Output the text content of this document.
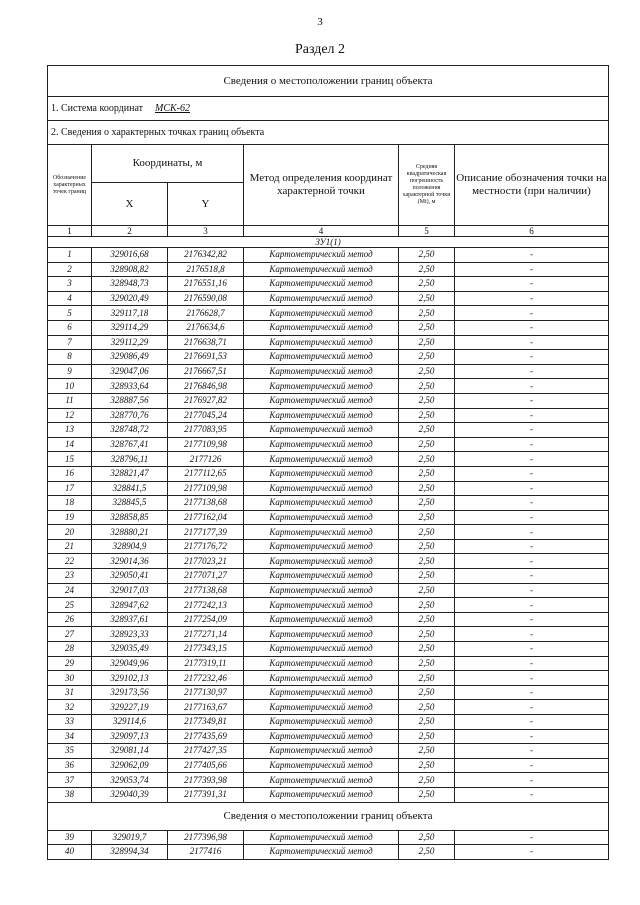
3
Раздел 2
Сведения о местоположении границ объекта					
1. Система координат МСК-62					
2. Сведения о характерных точках границ объекта					
Обозначение характерных точек границ	Координаты, м		Метод определения координат характерной точки	Средняя квадратическая погрешность положения характерной точки (Mt), м	Описание обозначения точки на местности (при наличии)
	X	Y			
1	2	3	4	5	6
ЗУ1(1)					
1	329016,68	2176342,82	Картометрический метод	2,50	-
2	328908,82	2176518,8	Картометрический метод	2,50	-
3	328948,73	2176551,16	Картометрический метод	2,50	-
4	329020,49	2176590,08	Картометрический метод	2,50	-
5	329117,18	2176628,7	Картометрический метод	2,50	-
6	329114,29	2176634,6	Картометрический метод	2,50	-
7	329112,29	2176638,71	Картометрический метод	2,50	-
8	329086,49	2176691,53	Картометрический метод	2,50	-
9	329047,06	2176667,51	Картометрический метод	2,50	-
10	328933,64	2176846,98	Картометрический метод	2,50	-
11	328887,56	2176927,82	Картометрический метод	2,50	-
12	328770,76	2177045,24	Картометрический метод	2,50	-
13	328748,72	2177083,95	Картометрический метод	2,50	-
14	328767,41	2177109,98	Картометрический метод	2,50	-
15	328796,11	2177126	Картометрический метод	2,50	-
16	328821,47	2177112,65	Картометрический метод	2,50	-
17	328841,5	2177109,98	Картометрический метод	2,50	-
18	328845,5	2177138,68	Картометрический метод	2,50	-
19	328858,85	2177162,04	Картометрический метод	2,50	-
20	328880,21	2177177,39	Картометрический метод	2,50	-
21	328904,9	2177176,72	Картометрический метод	2,50	-
22	329014,36	2177023,21	Картометрический метод	2,50	-
23	329050,41	2177071,27	Картометрический метод	2,50	-
24	329017,03	2177138,68	Картометрический метод	2,50	-
25	328947,62	2177242,13	Картометрический метод	2,50	-
26	328937,61	2177254,09	Картометрический метод	2,50	-
27	328923,33	2177271,14	Картометрический метод	2,50	-
28	329035,49	2177343,15	Картометрический метод	2,50	-
29	329049,96	2177319,11	Картометрический метод	2,50	-
30	329102,13	2177232,46	Картометрический метод	2,50	-
31	329173,56	2177130,97	Картометрический метод	2,50	-
32	329227,19	2177163,67	Картометрический метод	2,50	-
33	329114,6	2177349,81	Картометрический метод	2,50	-
34	329097,13	2177435,69	Картометрический метод	2,50	-
35	329081,14	2177427,35	Картометрический метод	2,50	-
36	329062,09	2177405,66	Картометрический метод	2,50	-
37	329053,74	2177393,98	Картометрический метод	2,50	-
38	329040,39	2177391,31	Картометрический метод	2,50	-
Сведения о местоположении границ объекта					
39	329019,7	2177396,98	Картометрический метод	2,50	-
40	328994,34	2177416	Картометрический метод	2,50	-
